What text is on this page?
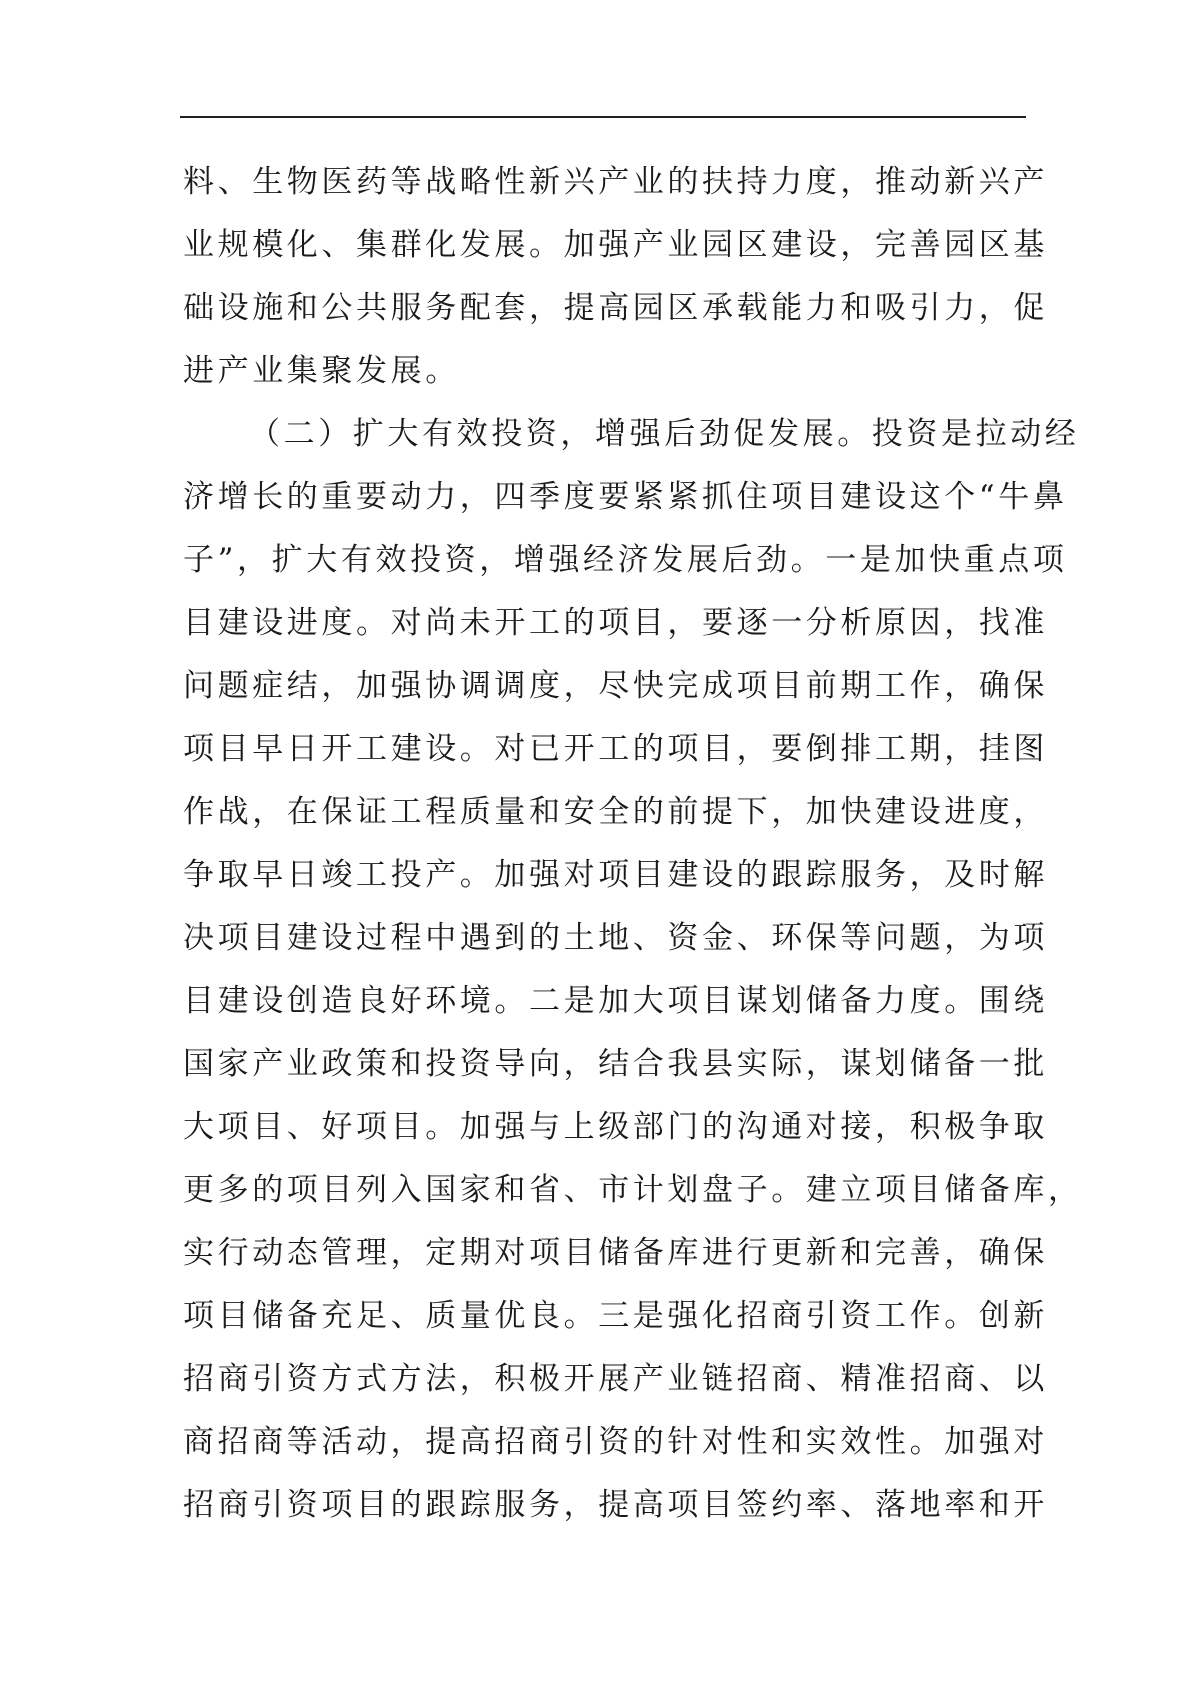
料、生物医药等战略性新兴产业的扶持力度，推动新兴产
业规模化、集群化发展。加强产业园区建设，完善园区基
础设施和公共服务配套，提高园区承载能力和吸引力，促
进产业集聚发展。
（二）扩大有效投资，增强后劲促发展。投资是拉动经
济增长的重要动力，四季度要紧紧抓住项目建设这个“牛鼻
子”，扩大有效投资，增强经济发展后劲。一是加快重点项
目建设进度。对尚未开工的项目，要逐一分析原因，找准
问题症结，加强协调调度，尽快完成项目前期工作，确保
项目早日开工建设。对已开工的项目，要倒排工期，挂图
作战，在保证工程质量和安全的前提下，加快建设进度，
争取早日竣工投产。加强对项目建设的跟踪服务，及时解
决项目建设过程中遇到的土地、资金、环保等问题，为项
目建设创造良好环境。二是加大项目谋划储备力度。围绕
国家产业政策和投资导向，结合我县实际，谋划储备一批
大项目、好项目。加强与上级部门的沟通对接，积极争取
更多的项目列入国家和省、市计划盘子。建立项目储备库，
实行动态管理，定期对项目储备库进行更新和完善，确保
项目储备充足、质量优良。三是强化招商引资工作。创新
招商引资方式方法，积极开展产业链招商、精准招商、以
商招商等活动，提高招商引资的针对性和实效性。加强对
招商引资项目的跟踪服务，提高项目签约率、落地率和开
